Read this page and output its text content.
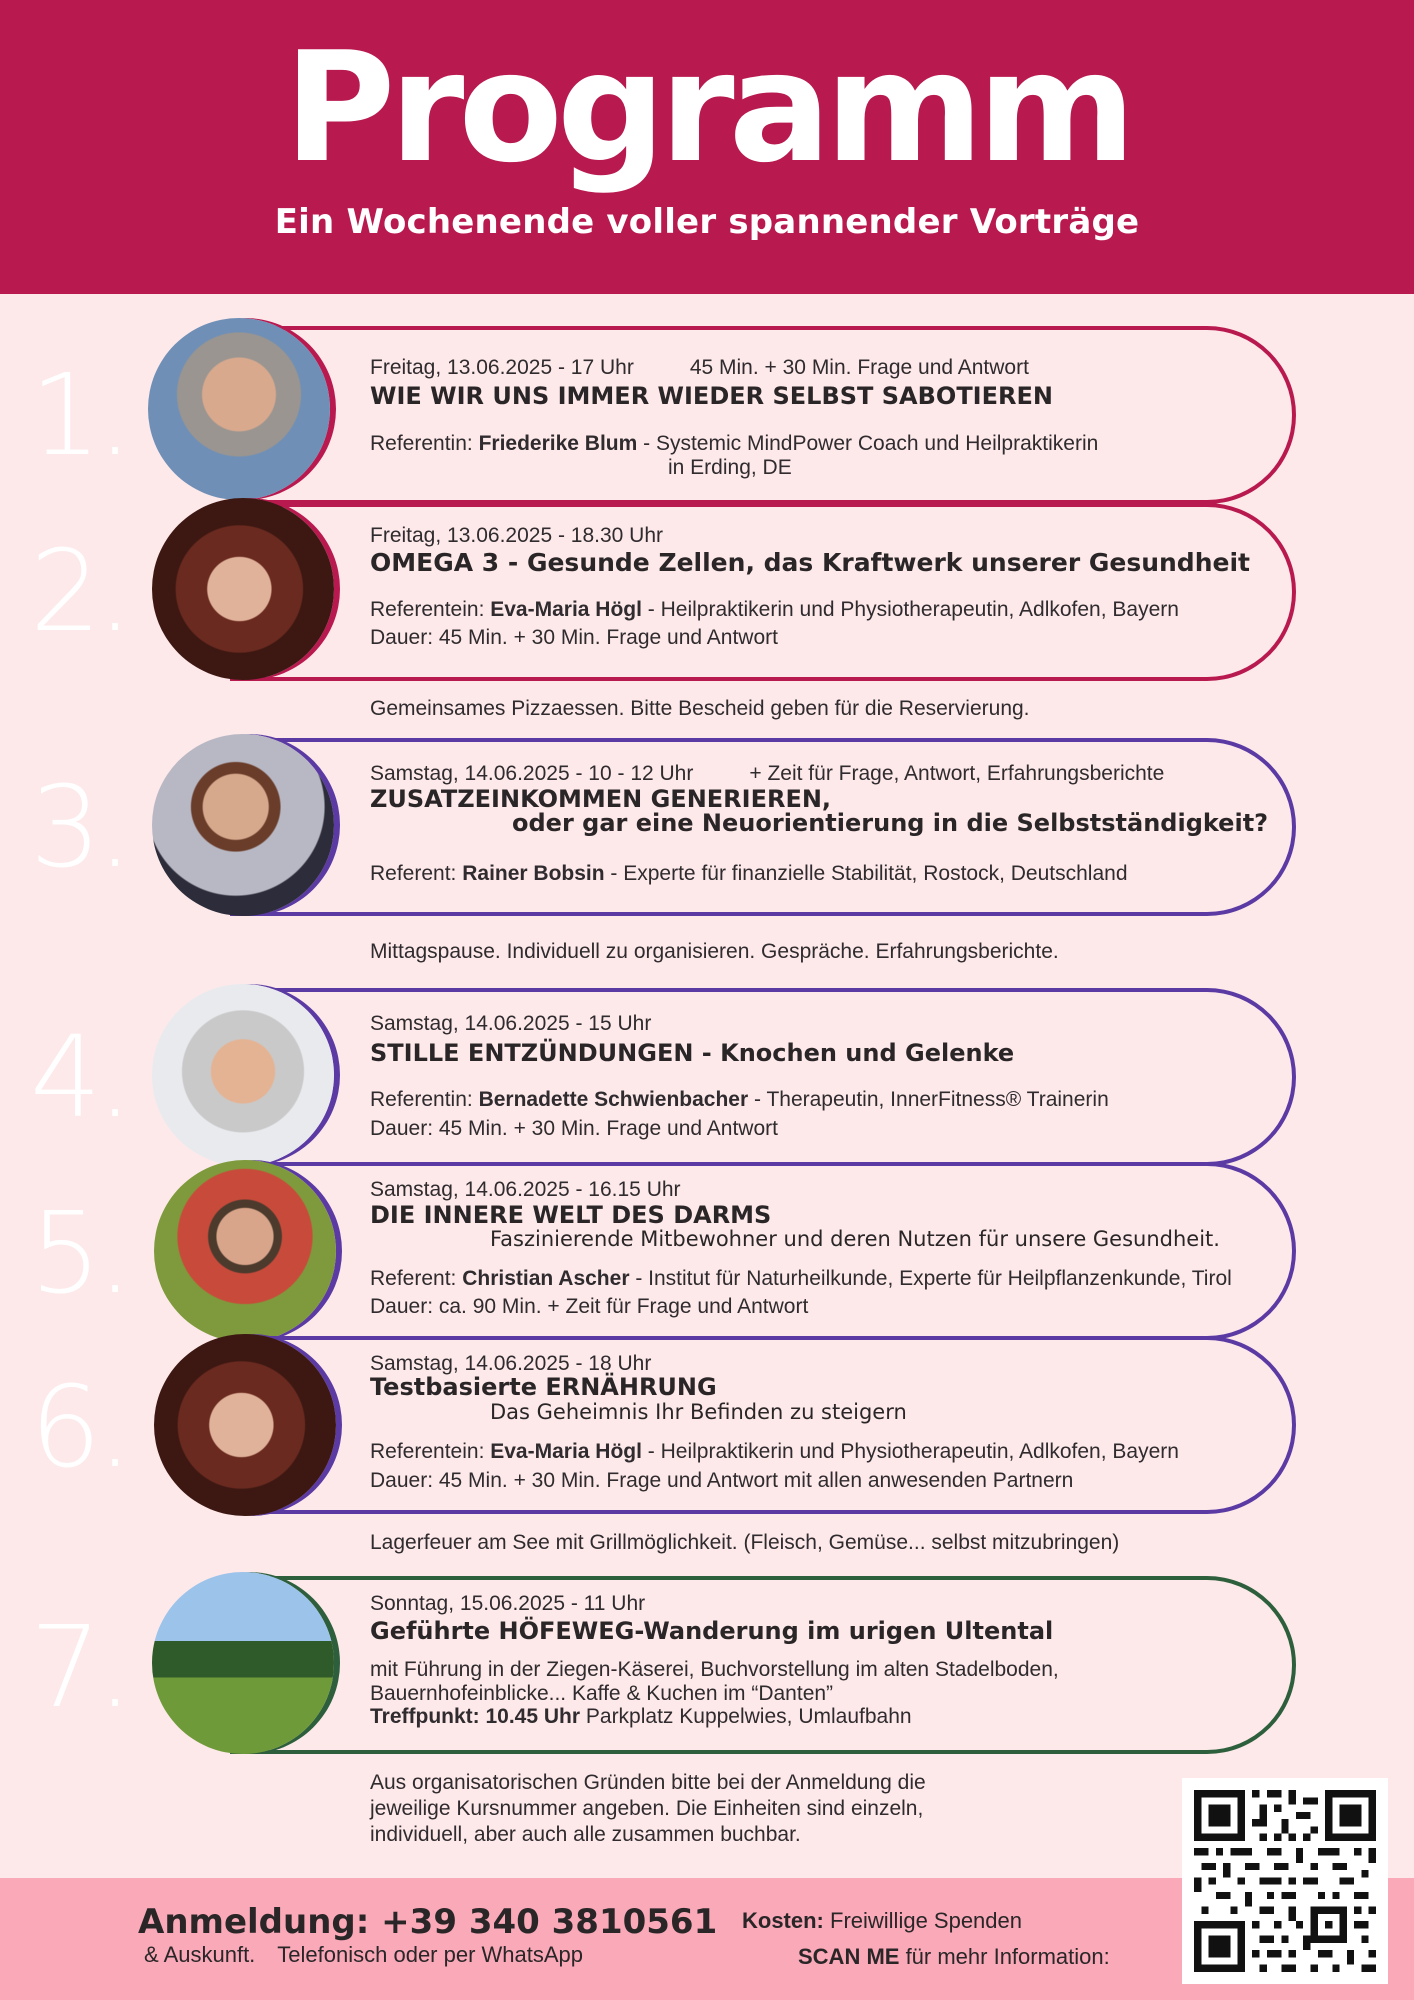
Programm
Ein Wochenende voller spannender Vorträge
1.	Freitag, 13.06.2025 - 17 Uhr	45 Min. + 30 Min. Frage und Antwort
WIE WIR UNS IMMER WIEDER SELBST SABOTIEREN
Referentin: Friederike Blum - Systemic MindPower Coach und Heilpraktikerin
in Erding, DE
2.	Freitag, 13.06.2025 - 18.30 Uhr
OMEGA 3 - Gesunde Zellen, das Kraftwerk unserer Gesundheit
Referentein: Eva-Maria Högl - Heilpraktikerin und Physiotherapeutin, Adlkofen, Bayern
Dauer: 45 Min. + 30 Min. Frage und Antwort
Gemeinsames Pizzaessen. Bitte Bescheid geben für die Reservierung.
3.	Samstag, 14.06.2025 - 10 - 12 Uhr	+ Zeit für Frage, Antwort, Erfahrungsberichte
ZUSATZEINKOMMEN GENERIEREN,
oder gar eine Neuorientierung in die Selbstständigkeit?
Referent: Rainer Bobsin - Experte für finanzielle Stabilität, Rostock, Deutschland
Mittagspause. Individuell zu organisieren. Gespräche. Erfahrungsberichte.
4.	Samstag, 14.06.2025 - 15 Uhr
STILLE ENTZÜNDUNGEN - Knochen und Gelenke
Referentin: Bernadette Schwienbacher - Therapeutin, InnerFitness® Trainerin
Dauer: 45 Min. + 30 Min. Frage und Antwort
5.	Samstag, 14.06.2025 - 16.15 Uhr
DIE INNERE WELT DES DARMS
Faszinierende Mitbewohner und deren Nutzen für unsere Gesundheit.
Referent: Christian Ascher - Institut für Naturheilkunde, Experte für Heilpflanzenkunde, Tirol
Dauer: ca. 90 Min. + Zeit für Frage und Antwort
6.	Samstag, 14.06.2025 - 18 Uhr
Testbasierte ERNÄHRUNG
Das Geheimnis Ihr Befinden zu steigern
Referentein: Eva-Maria Högl - Heilpraktikerin und Physiotherapeutin, Adlkofen, Bayern
Dauer: 45 Min. + 30 Min. Frage und Antwort mit allen anwesenden Partnern
Lagerfeuer am See mit Grillmöglichkeit. (Fleisch, Gemüse... selbst mitzubringen)
7.	Sonntag, 15.06.2025 - 11 Uhr
Geführte HÖFEWEG-Wanderung im urigen Ultental
mit Führung in der Ziegen-Käserei, Buchvorstellung im alten Stadelboden,
Bauernhofeinblicke... Kaffe & Kuchen im “Danten”
Treffpunkt: 10.45 Uhr Parkplatz Kuppelwies, Umlaufbahn
Aus organisatorischen Gründen bitte bei der Anmeldung die
jeweilige Kursnummer angeben. Die Einheiten sind einzeln,
individuell, aber auch alle zusammen buchbar.
Anmeldung: +39 340 3810561
& Auskunft. Telefonisch oder per WhatsApp
Kosten: Freiwillige Spenden
SCAN ME für mehr Information:
